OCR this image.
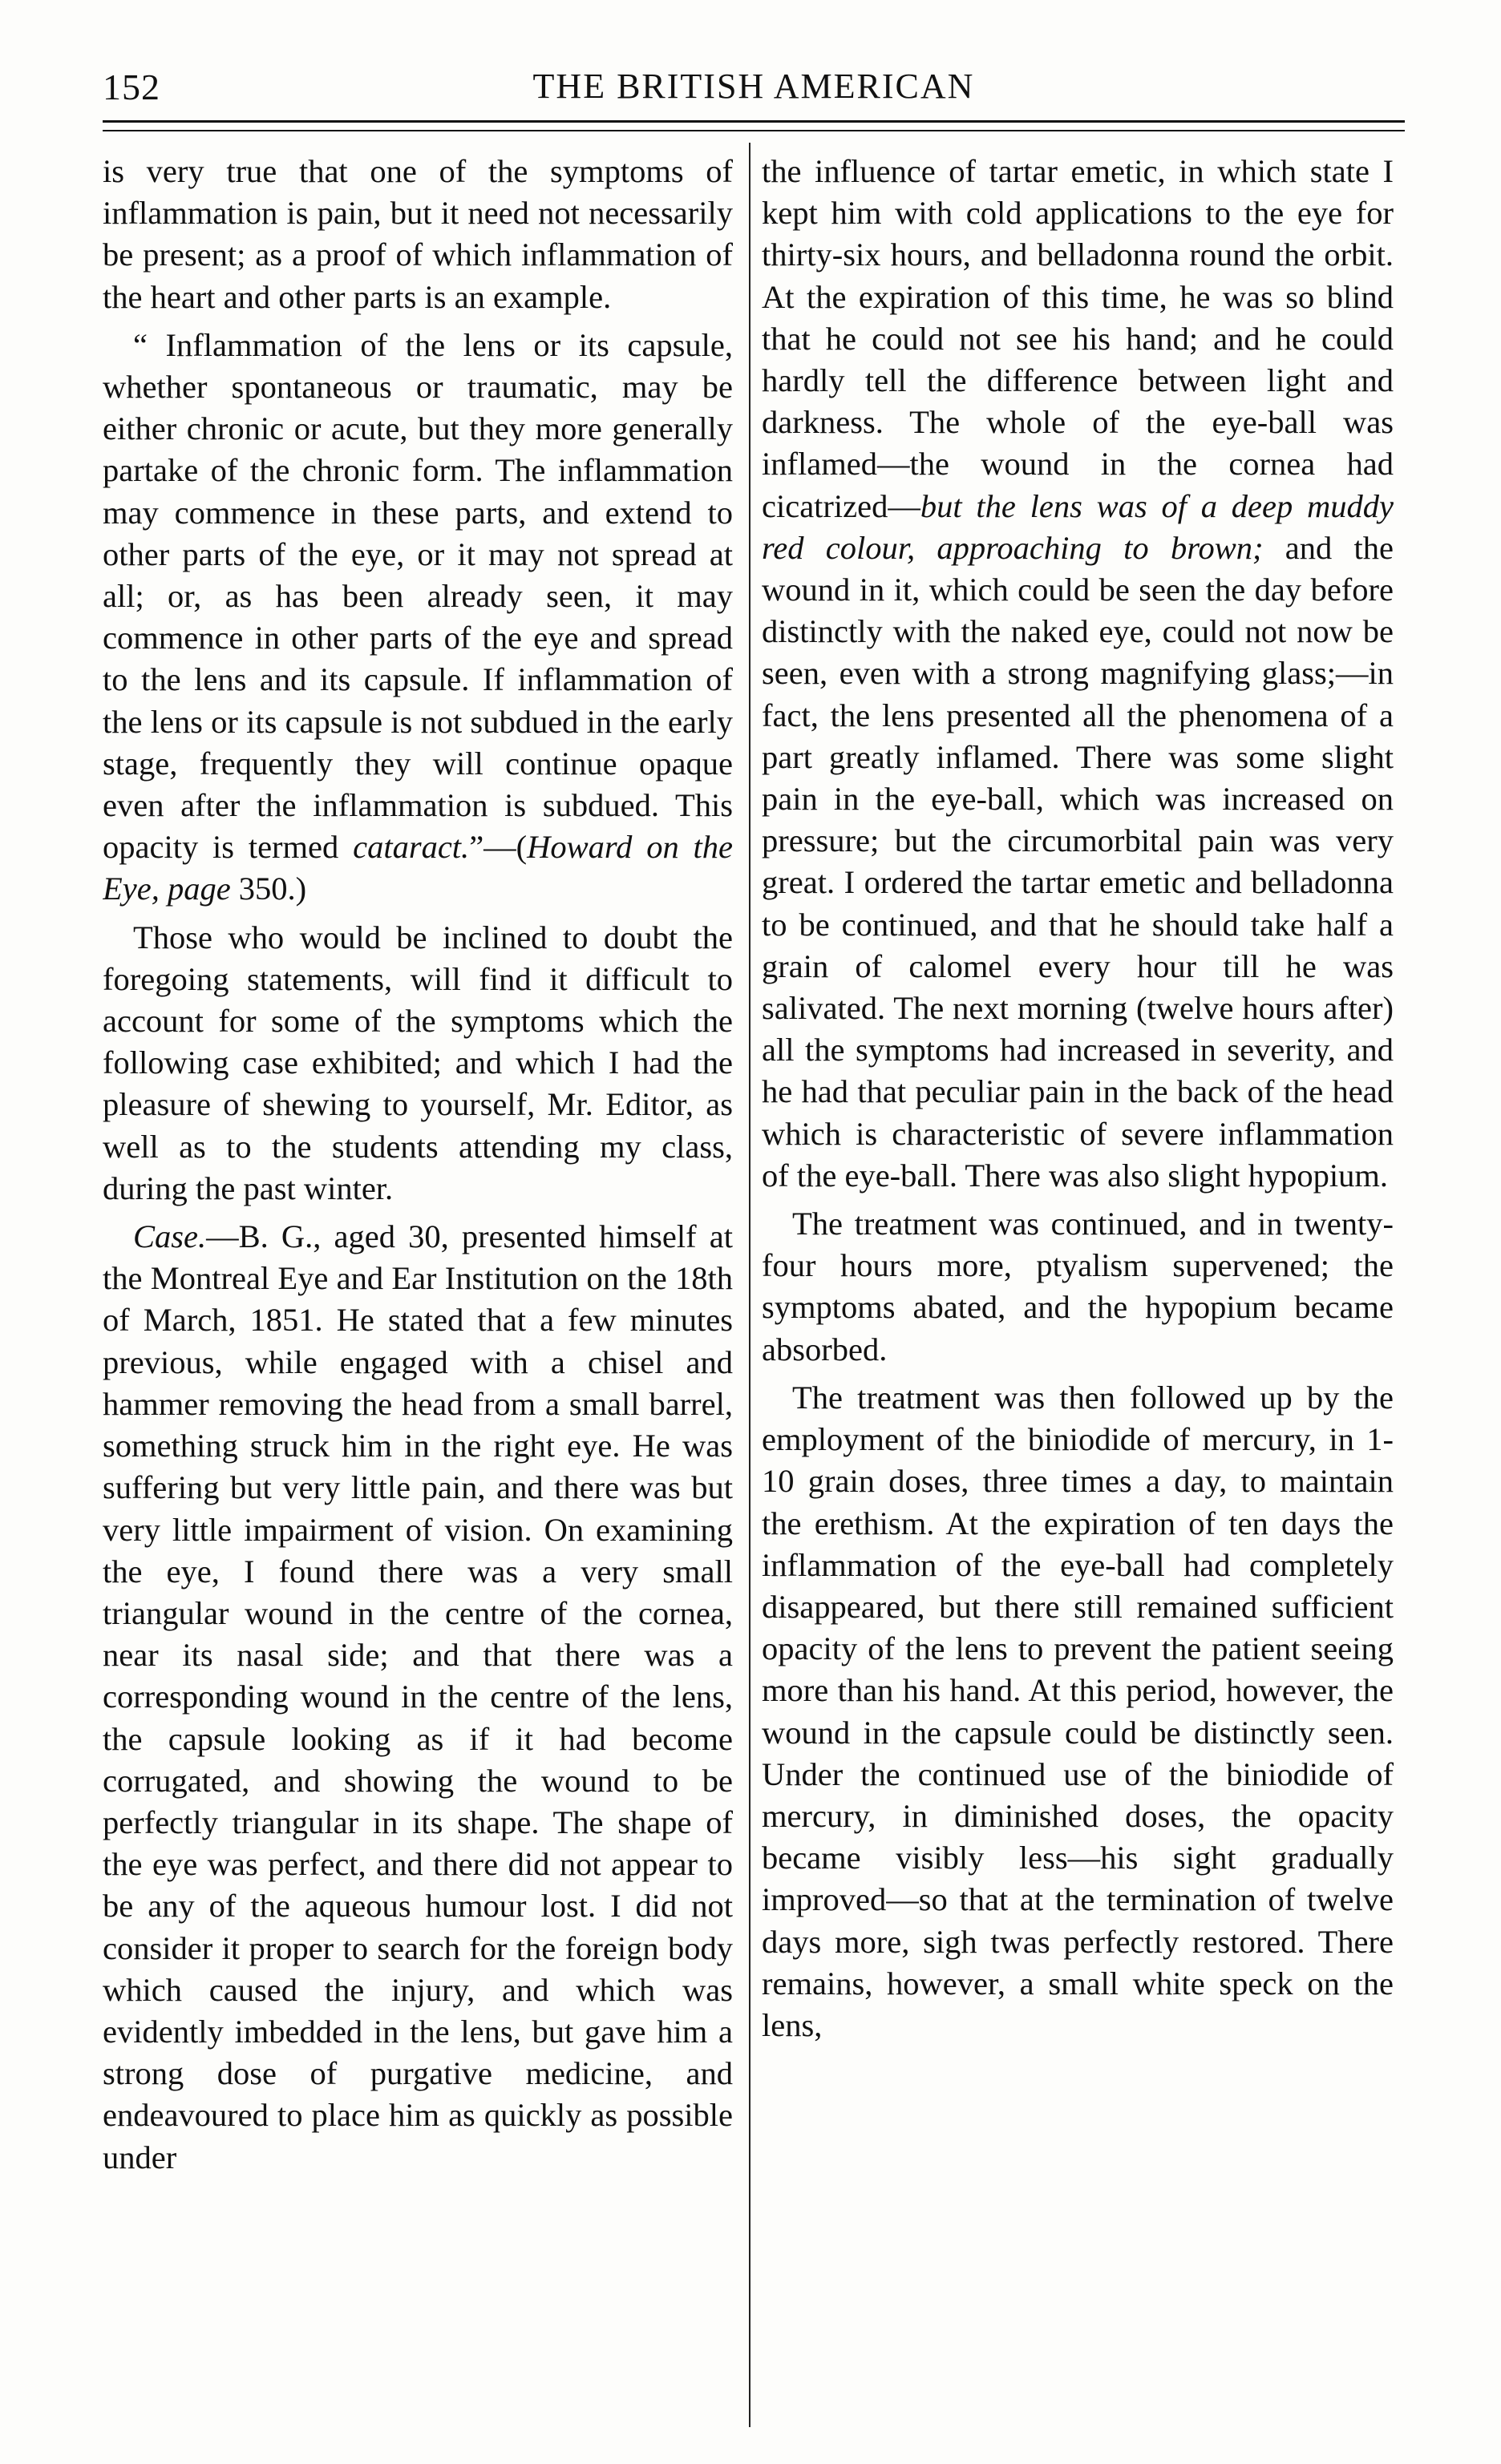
152	THE BRITISH AMERICAN

is very true that one of the symptoms of inflammation is pain, but it need not necessarily be present; as a proof of which inflammation of the heart and other parts is an example.

“ Inflammation of the lens or its capsule, whether spontaneous or traumatic, may be either chronic or acute, but they more generally partake of the chronic form. The inflammation may commence in these parts, and extend to other parts of the eye, or it may not spread at all; or, as has been already seen, it may commence in other parts of the eye and spread to the lens and its capsule. If inflammation of the lens or its capsule is not subdued in the early stage, frequently they will continue opaque even after the inflammation is subdued. This opacity is termed cataract.”—(Howard on the Eye, page 350.)

Those who would be inclined to doubt the foregoing statements, will find it difficult to account for some of the symptoms which the following case exhibited; and which I had the pleasure of shewing to yourself, Mr. Editor, as well as to the students attending my class, during the past winter.

Case.—B. G., aged 30, presented himself at the Montreal Eye and Ear Institution on the 18th of March, 1851. He stated that a few minutes previous, while engaged with a chisel and hammer removing the head from a small barrel, something struck him in the right eye. He was suffering but very little pain, and there was but very little impairment of vision. On examining the eye, I found there was a very small triangular wound in the centre of the cornea, near its nasal side; and that there was a corresponding wound in the centre of the lens, the capsule looking as if it had become corrugated, and showing the wound to be perfectly triangular in its shape. The shape of the eye was perfect, and there did not appear to be any of the aqueous humour lost. I did not consider it proper to search for the foreign body which caused the injury, and which was evidently imbedded in the lens, but gave him a strong dose of purgative medicine, and endeavoured to place him as quickly as possible under

the influence of tartar emetic, in which state I kept him with cold applications to the eye for thirty-six hours, and belladonna round the orbit. At the expiration of this time, he was so blind that he could not see his hand; and he could hardly tell the difference between light and darkness. The whole of the eye-ball was inflamed—the wound in the cornea had cicatrized—but the lens was of a deep muddy red colour, approaching to brown; and the wound in it, which could be seen the day before distinctly with the naked eye, could not now be seen, even with a strong magnifying glass;—in fact, the lens presented all the phenomena of a part greatly inflamed. There was some slight pain in the eye-ball, which was increased on pressure; but the circumorbital pain was very great. I ordered the tartar emetic and belladonna to be continued, and that he should take half a grain of calomel every hour till he was salivated. The next morning (twelve hours after) all the symptoms had increased in severity, and he had that peculiar pain in the back of the head which is characteristic of severe inflammation of the eye-ball. There was also slight hypopium.

The treatment was continued, and in twenty-four hours more, ptyalism supervened; the symptoms abated, and the hypopium became absorbed.

The treatment was then followed up by the employment of the biniodide of mercury, in 1-10 grain doses, three times a day, to maintain the erethism. At the expiration of ten days the inflammation of the eye-ball had completely disappeared, but there still remained sufficient opacity of the lens to prevent the patient seeing more than his hand. At this period, however, the wound in the capsule could be distinctly seen. Under the continued use of the biniodide of mercury, in diminished doses, the opacity became visibly less—his sight gradually improved—so that at the termination of twelve days more, sigh twas perfectly restored. There remains, however, a small white speck on the lens,
